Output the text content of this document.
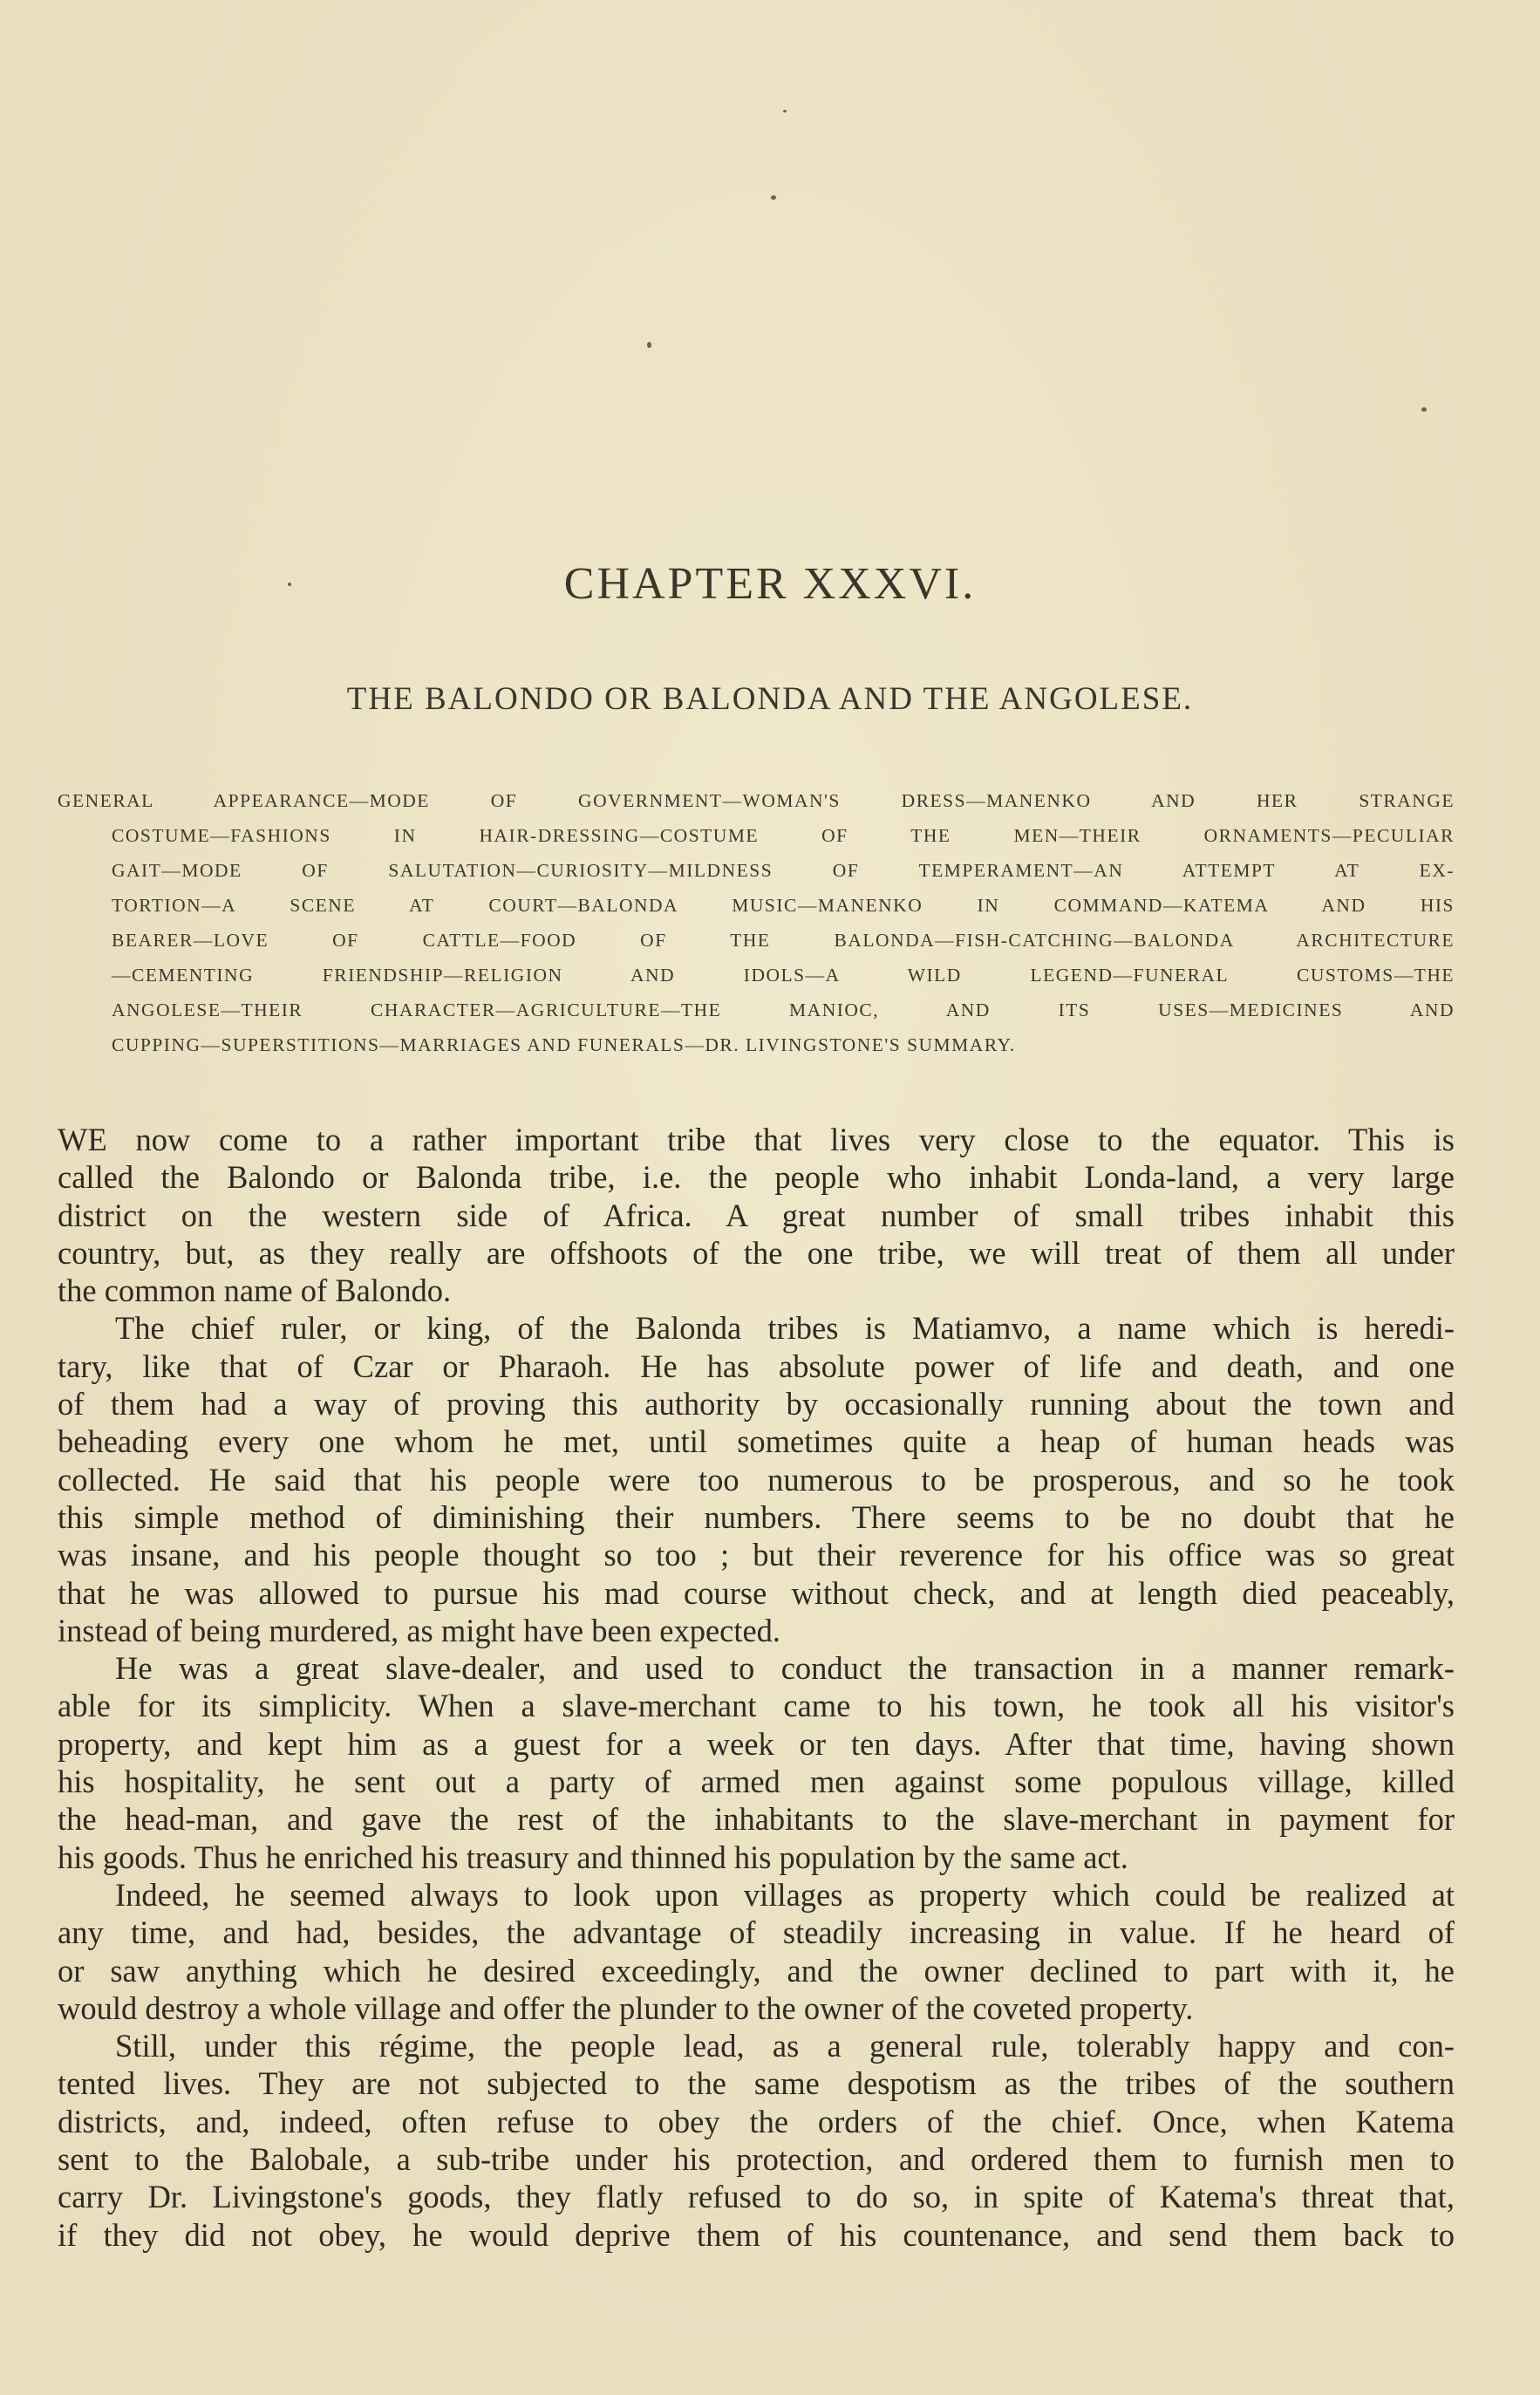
CHAPTER XXXVI.
THE BALONDO OR BALONDA AND THE ANGOLESE.
GENERAL APPEARANCE—MODE OF GOVERNMENT—WOMAN'S DRESS—MANENKO AND HER STRANGE
COSTUME—FASHIONS IN HAIR-DRESSING—COSTUME OF THE MEN—THEIR ORNAMENTS—PECULIAR
GAIT—MODE OF SALUTATION—CURIOSITY—MILDNESS OF TEMPERAMENT—AN ATTEMPT AT EX-
TORTION—A SCENE AT COURT—BALONDA MUSIC—MANENKO IN COMMAND—KATEMA AND HIS
BEARER—LOVE OF CATTLE—FOOD OF THE BALONDA—FISH-CATCHING—BALONDA ARCHITECTURE
—CEMENTING FRIENDSHIP—RELIGION AND IDOLS—A WILD LEGEND—FUNERAL CUSTOMS—THE
ANGOLESE—THEIR CHARACTER—AGRICULTURE—THE MANIOC, AND ITS USES—MEDICINES AND
CUPPING—SUPERSTITIONS—MARRIAGES AND FUNERALS—DR. LIVINGSTONE'S SUMMARY.
WE now come to a rather important tribe that lives very close to the equator. This is
called the Balondo or Balonda tribe, i.e. the people who inhabit Londa-land, a very large
district on the western side of Africa. A great number of small tribes inhabit this
country, but, as they really are offshoots of the one tribe, we will treat of them all under
the common name of Balondo.
The chief ruler, or king, of the Balonda tribes is Matiamvo, a name which is heredi-
tary, like that of Czar or Pharaoh. He has absolute power of life and death, and one
of them had a way of proving this authority by occasionally running about the town and
beheading every one whom he met, until sometimes quite a heap of human heads was
collected. He said that his people were too numerous to be prosperous, and so he took
this simple method of diminishing their numbers. There seems to be no doubt that he
was insane, and his people thought so too ; but their reverence for his office was so great
that he was allowed to pursue his mad course without check, and at length died peaceably,
instead of being murdered, as might have been expected.
He was a great slave-dealer, and used to conduct the transaction in a manner remark-
able for its simplicity. When a slave-merchant came to his town, he took all his visitor's
property, and kept him as a guest for a week or ten days. After that time, having shown
his hospitality, he sent out a party of armed men against some populous village, killed
the head-man, and gave the rest of the inhabitants to the slave-merchant in payment for
his goods. Thus he enriched his treasury and thinned his population by the same act.
Indeed, he seemed always to look upon villages as property which could be realized at
any time, and had, besides, the advantage of steadily increasing in value. If he heard of
or saw anything which he desired exceedingly, and the owner declined to part with it, he
would destroy a whole village and offer the plunder to the owner of the coveted property.
Still, under this régime, the people lead, as a general rule, tolerably happy and con-
tented lives. They are not subjected to the same despotism as the tribes of the southern
districts, and, indeed, often refuse to obey the orders of the chief. Once, when Katema
sent to the Balobale, a sub-tribe under his protection, and ordered them to furnish men to
carry Dr. Livingstone's goods, they flatly refused to do so, in spite of Katema's threat that,
if they did not obey, he would deprive them of his countenance, and send them back to
